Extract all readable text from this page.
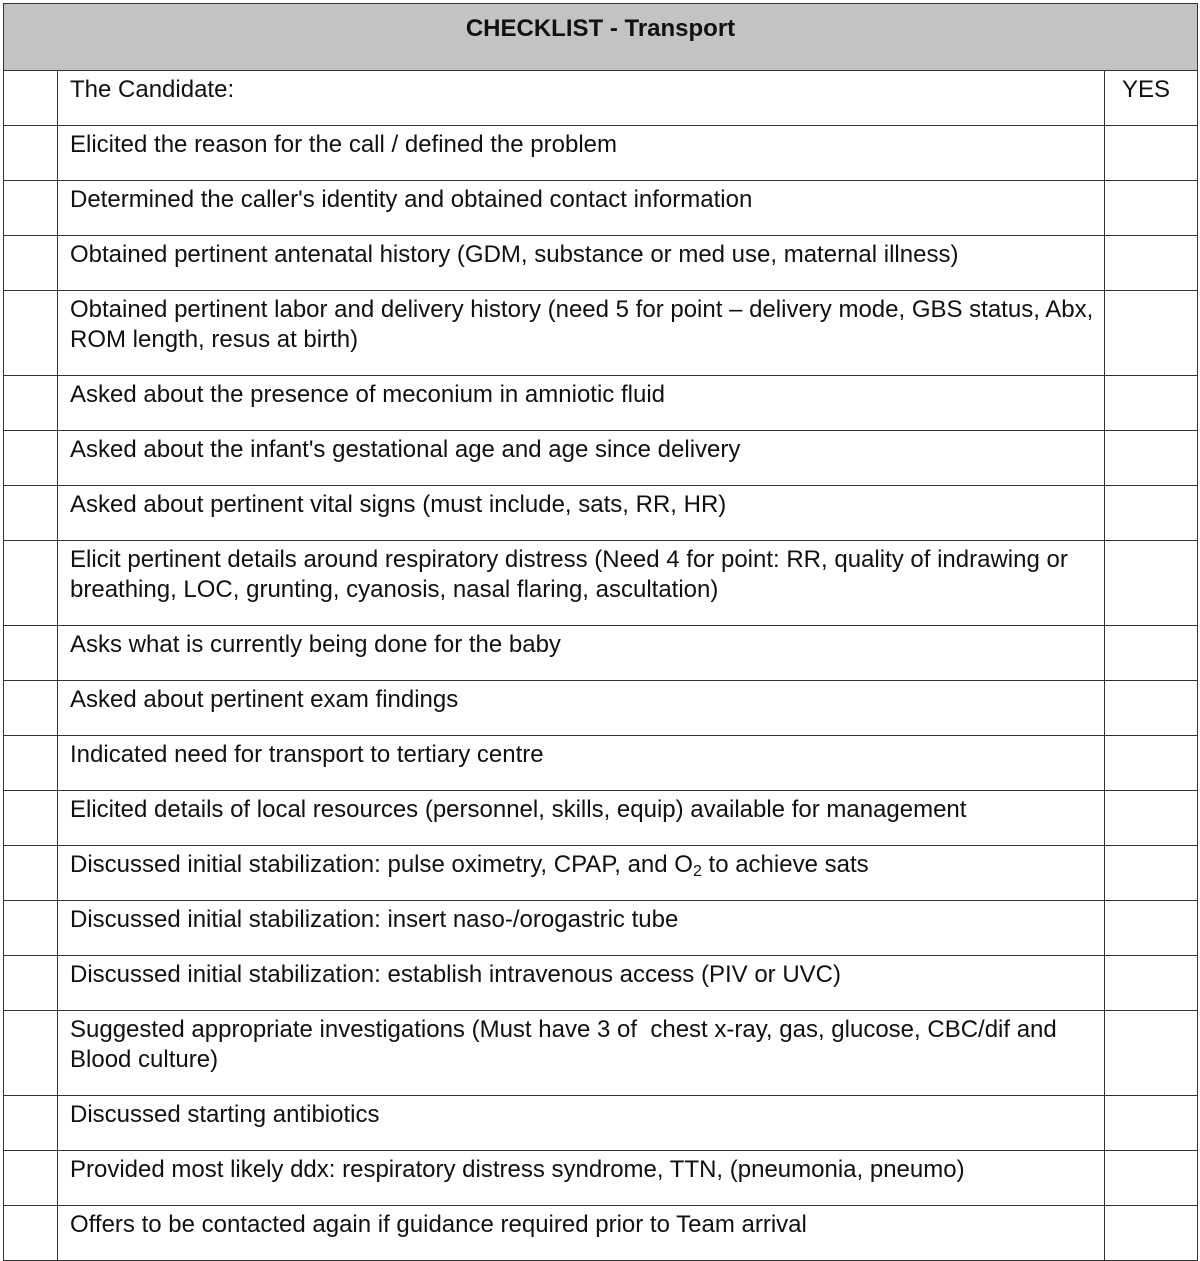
CHECKLIST - Transport		

	The Candidate:	YES

	Elicited the reason for the call / defined the problem	

	Determined the caller's identity and obtained contact information	

	Obtained pertinent antenatal history (GDM, substance or med use, maternal illness)	

	Obtained pertinent labor and delivery history (need 5 for point – delivery mode, GBS status, Abx, ROM length, resus at birth)	

	Asked about the presence of meconium in amniotic fluid	

	Asked about the infant's gestational age and age since delivery	

	Asked about pertinent vital signs (must include, sats, RR, HR)	

	Elicit pertinent details around respiratory distress (Need 4 for point: RR, quality of indrawing or breathing, LOC, grunting, cyanosis, nasal flaring, ascultation)	

	Asks what is currently being done for the baby	

	Asked about pertinent exam findings	

	Indicated need for transport to tertiary centre	

	Elicited details of local resources (personnel, skills, equip) available for management	

	Discussed initial stabilization: pulse oximetry, CPAP, and $O_2$ to achieve sats	

	Discussed initial stabilization: insert naso-/orogastric tube	

	Discussed initial stabilization: establish intravenous access (PIV or UVC)	

	Suggested appropriate investigations (Must have 3 of  chest x-ray, gas, glucose, CBC/dif and Blood culture)	

	Discussed starting antibiotics	

	Provided most likely ddx: respiratory distress syndrome, TTN, (pneumonia, pneumo)	

	Offers to be contacted again if guidance required prior to Team arrival	
